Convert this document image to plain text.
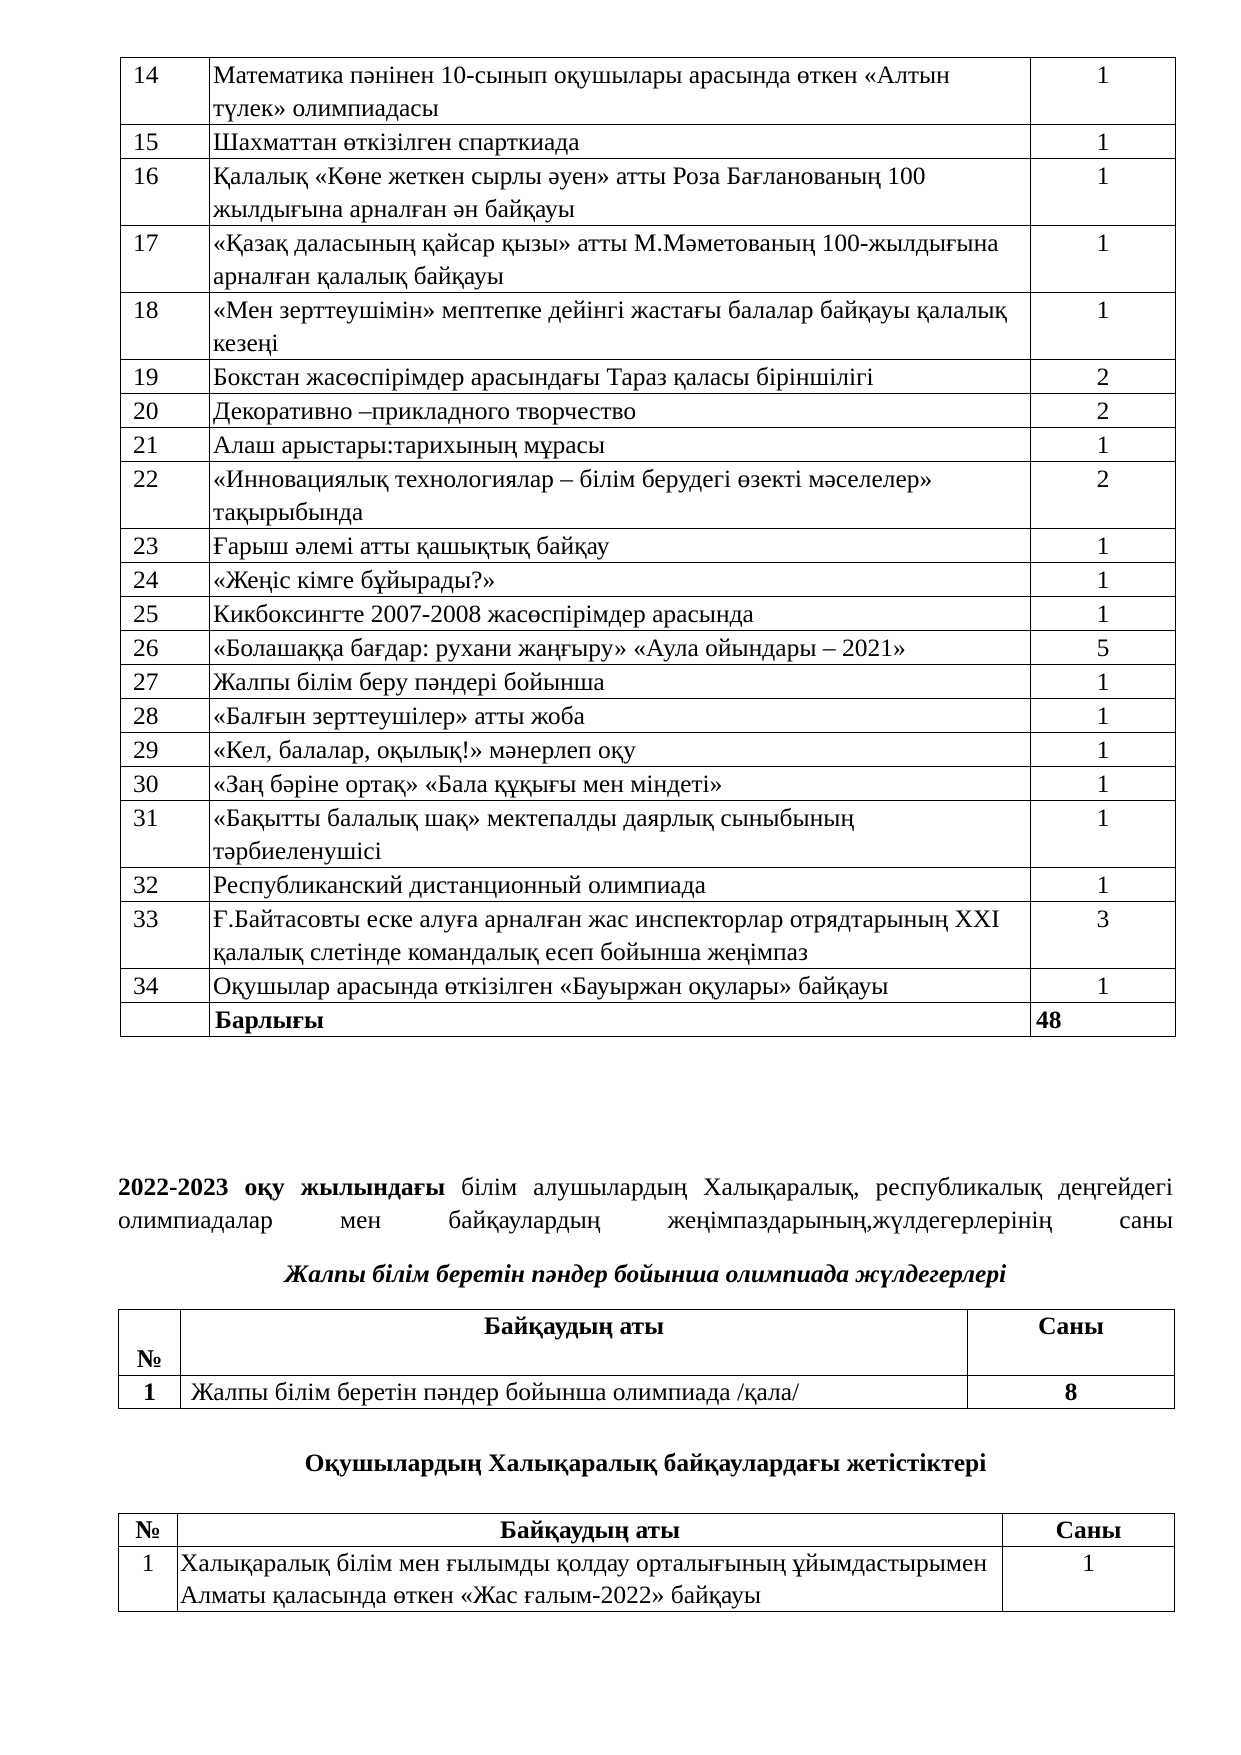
14	Математика пәнінен 10-сынып оқушылары арасында өткен «Алтын түлек» олимпиадасы	1
15	Шахматтан өткізілген спарткиада	1
16	Қалалық «Көне жеткен сырлы әуен» атты Роза Бағланованың 100 жылдығына арналған ән байқауы	1
17	«Қазақ даласының қайсар қызы» атты М.Мәметованың 100-жылдығына арналған қалалық байқауы	1
18	«Мен зерттеушімін» мептепке дейінгі жастағы балалар байқауы қалалық кезеңі	1
19	Бокстан жасөспірімдер арасындағы Тараз қаласы біріншілігі	2
20	Декоративно –прикладного творчество	2
21	Алаш арыстары:тарихының мұрасы	1
22	«Инновациялық технологиялар – білім берудегі өзекті мәселелер» тақырыбында	2
23	Ғарыш әлемі атты қашықтық байқау	1
24	«Жеңіс кімге бұйырады?»	1
25	Кикбоксингте 2007-2008 жасөспірімдер арасында	1
26	«Болашаққа бағдар: рухани жаңғыру» «Аула ойындары – 2021»	5
27	Жалпы білім беру пәндері бойынша	1
28	«Балғын зерттеушілер» атты жоба	1
29	«Кел, балалар, оқылық!» мәнерлеп оқу	1
30	«Заң бәріне ортақ» «Бала құқығы мен міндеті»	1
31	«Бақытты балалық шақ» мектепалды даярлық сыныбының тәрбиеленушісі	1
32	Республиканский дистанционный олимпиада	1
33	Ғ.Байтасовты еске алуға арналған жас инспекторлар отрядтарының XXI қалалық слетінде командалық есеп бойынша жеңімпаз	3
34	Оқушылар арасында өткізілген «Бауыржан оқулары» байқауы	1
	Барлығы	48
2022-2023 оқу жылындағы білім алушылардың Халықаралық, республикалық деңгейдегі олимпиадалар мен байқаулардың жеңімпаздарының,жүлдегерлерінің саны
Жалпы білім беретін пәндер бойынша олимпиада жүлдегерлері
№	Байқаудың аты	Саны
1	Жалпы білім беретін пәндер бойынша олимпиада /қала/	8
Оқушылардың Халықаралық байқаулардағы жетістіктері
№	Байқаудың аты	Саны
1	Халықаралық білім мен ғылымды қолдау орталығының ұйымдастырымен Алматы қаласында өткен «Жас ғалым-2022» байқауы	1
